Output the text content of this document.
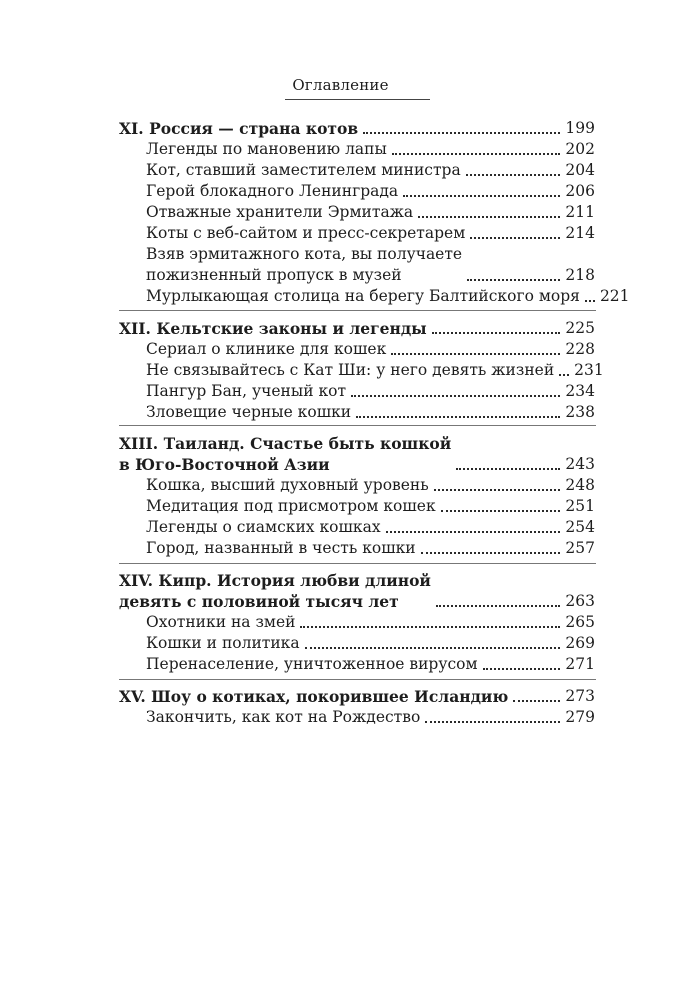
Оглавление
XI. Россия — страна котов	199
Легенды по мановению лапы	202
Кот, ставший заместителем министра	204
Герой блокадного Ленинграда	206
Отважные хранители Эрмитажа	211
Коты с веб-сайтом и пресс-секретарем	214
Взяв эрмитажного кота, вы получаете
пожизненный пропуск в музей	218
Мурлыкающая столица на берегу Балтийского моря 221
XII. Кельтские законы и легенды	225
Сериал о клинике для кошек	228
Не связывайтесь с Кат Ши: у него девять жизней 231
Пангур Бан, ученый кот	234
Зловещие черные кошки	238
XIII. Таиланд. Счастье быть кошкой
в Юго-Восточной Азии	243
Кошка, высший духовный уровень	248
Медитация под присмотром кошек	251
Легенды о сиамских кошках	254
Город, названный в честь кошки	257
XIV. Кипр. История любви длиной
девять с половиной тысяч лет	263
Охотники на змей	265
Кошки и политика	269
Перенаселение, уничтоженное вирусом	271
XV. Шоу о котиках, покорившее Исландию	273
Закончить, как кот на Рождество	279
